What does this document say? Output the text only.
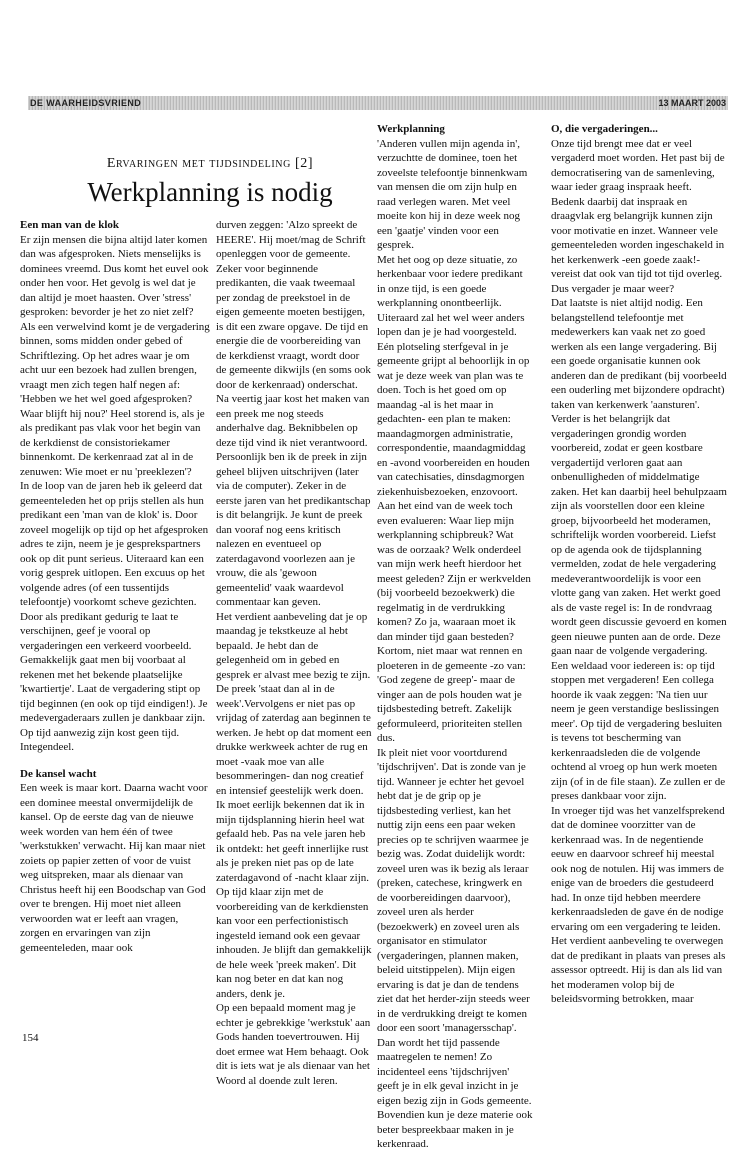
DE WAARHEIDSVRIEND	13 MAART 2003
Ervaringen met tijdsindeling [2]
Werkplanning is nodig
Een man van de klok

Er zijn mensen die bijna altijd later komen dan was afgesproken. Niets menselijks is dominees vreemd. Dus komt het euvel ook onder hen voor. Het gevolg is wel dat je dan altijd je moet haasten. Over 'stress' gesproken: bevorder je het zo niet zelf? Als een verwelvind komt je de vergadering binnen, soms midden onder gebed of Schriftlezing. Op het adres waar je om acht uur een bezoek had zullen brengen, vraagt men zich tegen half negen af: 'Hebben we het wel goed afgesproken? Waar blijft hij nou?' Heel storend is, als je als predikant pas vlak voor het begin van de kerkdienst de consistoriekamer binnenkomt. De kerkenraad zat al in de zenuwen: Wie moet er nu 'preeklezen'?

In de loop van de jaren heb ik geleerd dat gemeenteleden het op prijs stellen als hun predikant een 'man van de klok' is. Door zoveel mogelijk op tijd op het afgesproken adres te zijn, neem je je gesprekspartners ook op dit punt serieus. Uiteraard kan een vorig gesprek uitlopen. Een excuus op het volgende adres (of een tussentijds telefoontje) voorkomt scheve gezichten. Door als predikant gedurig te laat te verschijnen, geef je vooral op vergaderingen een verkeerd voorbeeld. Gemakkelijk gaat men bij voorbaat al rekenen met het bekende plaatselijke 'kwartiertje'. Laat de vergadering stipt op tijd beginnen (en ook op tijd eindigen!). Je medevergaderaars zullen je dankbaar zijn. Op tijd aanwezig zijn kost geen tijd. Integendeel.

De kansel wacht

Een week is maar kort. Daarna wacht voor een dominee meestal onvermijdelijk de kansel. Op de eerste dag van de nieuwe week worden van hem één of twee 'werkstukken' verwacht. Hij kan maar niet zoiets op papier zetten of voor de vuist weg uitspreken, maar als dienaar van Christus heeft hij een Boodschap van God over te brengen. Hij moet niet alleen verwoorden wat er leeft aan vragen, zorgen en ervaringen van zijn gemeenteleden, maar ook

durven zeggen: 'Alzo spreekt de HEERE'. Hij moet/mag de Schrift openleggen voor de gemeente.

Zeker voor beginnende predikanten, die vaak tweemaal per zondag de preekstoel in de eigen gemeente moeten bestijgen, is dit een zware opgave. De tijd en energie die de voorbereiding van de kerkdienst vraagt, wordt door de gemeente dikwijls (en soms ook door de kerkenraad) onderschat. Na veertig jaar kost het maken van een preek me nog steeds anderhalve dag. Beknibbelen op deze tijd vind ik niet verantwoord. Persoonlijk ben ik de preek in zijn geheel blijven uitschrijven (later via de computer). Zeker in de eerste jaren van het predikantschap is dit belangrijk. Je kunt de preek dan vooraf nog eens kritisch nalezen en eventueel op zaterdagavond voorlezen aan je vrouw, die als 'gewoon gemeentelid' vaak waardevol commentaar kan geven.

Het verdient aanbeveling dat je op maandag je tekstkeuze al hebt bepaald. Je hebt dan de gelegenheid om in gebed en gesprek er alvast mee bezig te zijn. De preek 'staat dan al in de week'.Vervolgens er niet pas op vrijdag of zaterdag aan beginnen te werken. Je hebt op dat moment een drukke werkweek achter de rug en moet -vaak moe van alle besommeringen- dan nog creatief en intensief geestelijk werk doen. Ik moet eerlijk bekennen dat ik in mijn tijdsplanning hierin heel wat gefaald heb. Pas na vele jaren heb ik ontdekt: het geeft innerlijke rust als je preken niet pas op de late zaterdagavond of -nacht klaar zijn.

Op tijd klaar zijn met de voorbereiding van de kerkdiensten kan voor een perfectionistisch ingesteld iemand ook een gevaar inhouden. Je blijft dan gemakkelijk de hele week 'preek maken'. Dit kan nog beter en dat kan nog anders, denk je.

Op een bepaald moment mag je echter je gebrekkige 'werkstuk' aan Gods handen toevertrouwen. Hij doet ermee wat Hem behaagt. Ook dit is iets wat je als dienaar van het Woord al doende zult leren.

Werkplanning

'Anderen vullen mijn agenda in', verzuchtte de dominee, toen het zoveelste telefoontje binnenkwam van mensen die om zijn hulp en raad verlegen waren. Met veel moeite kon hij in deze week nog een 'gaatje' vinden voor een gesprek.

Met het oog op deze situatie, zo herkenbaar voor iedere predikant in onze tijd, is een goede werkplanning onontbeerlijk. Uiteraard zal het wel weer anders lopen dan je je had voorgesteld. Eén plotseling sterfgeval in je gemeente grijpt al behoorlijk in op wat je deze week van plan was te doen. Toch is het goed om op maandag -al is het maar in gedachten- een plan te maken: maandagmorgen administratie, correspondentie, maandagmiddag en -avond voorbereiden en houden van catechisaties, dinsdagmorgen ziekenhuisbezoeken, enzovoort. Aan het eind van de week toch even evalueren: Waar liep mijn werkplanning schipbreuk? Wat was de oorzaak? Welk onderdeel van mijn werk heeft hierdoor het meest geleden? Zijn er werkvelden (bij voorbeeld bezoekwerk) die regelmatig in de verdrukking komen? Zo ja, waaraan moet ik dan minder tijd gaan besteden? Kortom, niet maar wat rennen en ploeteren in de gemeente -zo van: 'God zegene de greep'- maar de vinger aan de pols houden wat je tijdsbesteding betreft. Zakelijk geformuleerd, prioriteiten stellen dus.

Ik pleit niet voor voortdurend 'tijdschrijven'. Dat is zonde van je tijd. Wanneer je echter het gevoel hebt dat je de grip op je tijdsbesteding verliest, kan het nuttig zijn eens een paar weken precies op te schrijven waarmee je bezig was. Zodat duidelijk wordt: zoveel uren was ik bezig als leraar (preken, catechese, kringwerk en de voorbereidingen daarvoor), zoveel uren als herder (bezoekwerk) en zoveel uren als organisator en stimulator (vergaderingen, plannen maken, beleid uitstippelen). Mijn eigen ervaring is dat je dan de tendens ziet dat het herder-zijn steeds weer in de verdrukking dreigt te komen door een soort 'managersschap'. Dan wordt het tijd passende maatregelen te nemen! Zo incidenteel eens 'tijdschrijven' geeft je in elk geval inzicht in je eigen bezig zijn in Gods gemeente. Bovendien kun je deze materie ook beter bespreekbaar maken in je kerkenraad.

O, die vergaderingen...

Onze tijd brengt mee dat er veel vergaderd moet worden. Het past bij de democratisering van de samenleving, waar ieder graag inspraak heeft. Bedenk daarbij dat inspraak en draagvlak erg belangrijk kunnen zijn voor motivatie en inzet. Wanneer vele gemeenteleden worden ingeschakeld in het kerkenwerk -een goede zaak!- vereist dat ook van tijd tot tijd overleg. Dus vergader je maar weer?

Dat laatste is niet altijd nodig. Een belangstellend telefoontje met medewerkers kan vaak net zo goed werken als een lange vergadering. Bij een goede organisatie kunnen ook anderen dan de predikant (bij voorbeeld een ouderling met bijzondere opdracht) taken van kerkenwerk 'aansturen'.

Verder is het belangrijk dat vergaderingen grondig worden voorbereid, zodat er geen kostbare vergadertijd verloren gaat aan onbenulligheden of middelmatige zaken. Het kan daarbij heel behulpzaam zijn als voorstellen door een kleine groep, bijvoorbeeld het moderamen, schriftelijk worden voorbereid. Liefst op de agenda ook de tijdsplanning vermelden, zodat de hele vergadering medeverantwoordelijk is voor een vlotte gang van zaken. Het werkt goed als de vaste regel is: In de rondvraag wordt geen discussie gevoerd en komen geen nieuwe punten aan de orde. Deze gaan naar de volgende vergadering. Een weldaad voor iedereen is: op tijd stoppen met vergaderen! Een collega hoorde ik vaak zeggen: 'Na tien uur neem je geen verstandige beslissingen meer'. Op tijd de vergadering besluiten is tevens tot bescherming van kerkenraadsleden die de volgende ochtend al vroeg op hun werk moeten zijn (of in de file staan). Ze zullen er de preses dankbaar voor zijn.

In vroeger tijd was het vanzelfsprekend dat de dominee voorzitter van de kerkenraad was. In de negentiende eeuw en daarvoor schreef hij meestal ook nog de notulen. Hij was immers de enige van de broeders die gestudeerd had. In onze tijd hebben meerdere kerkenraadsleden de gave én de nodige ervaring om een vergadering te leiden. Het verdient aanbeveling te overwegen dat de predikant in plaats van preses als assessor optreedt. Hij is dan als lid van het moderamen volop bij de beleidsvorming betrokken, maar

154
